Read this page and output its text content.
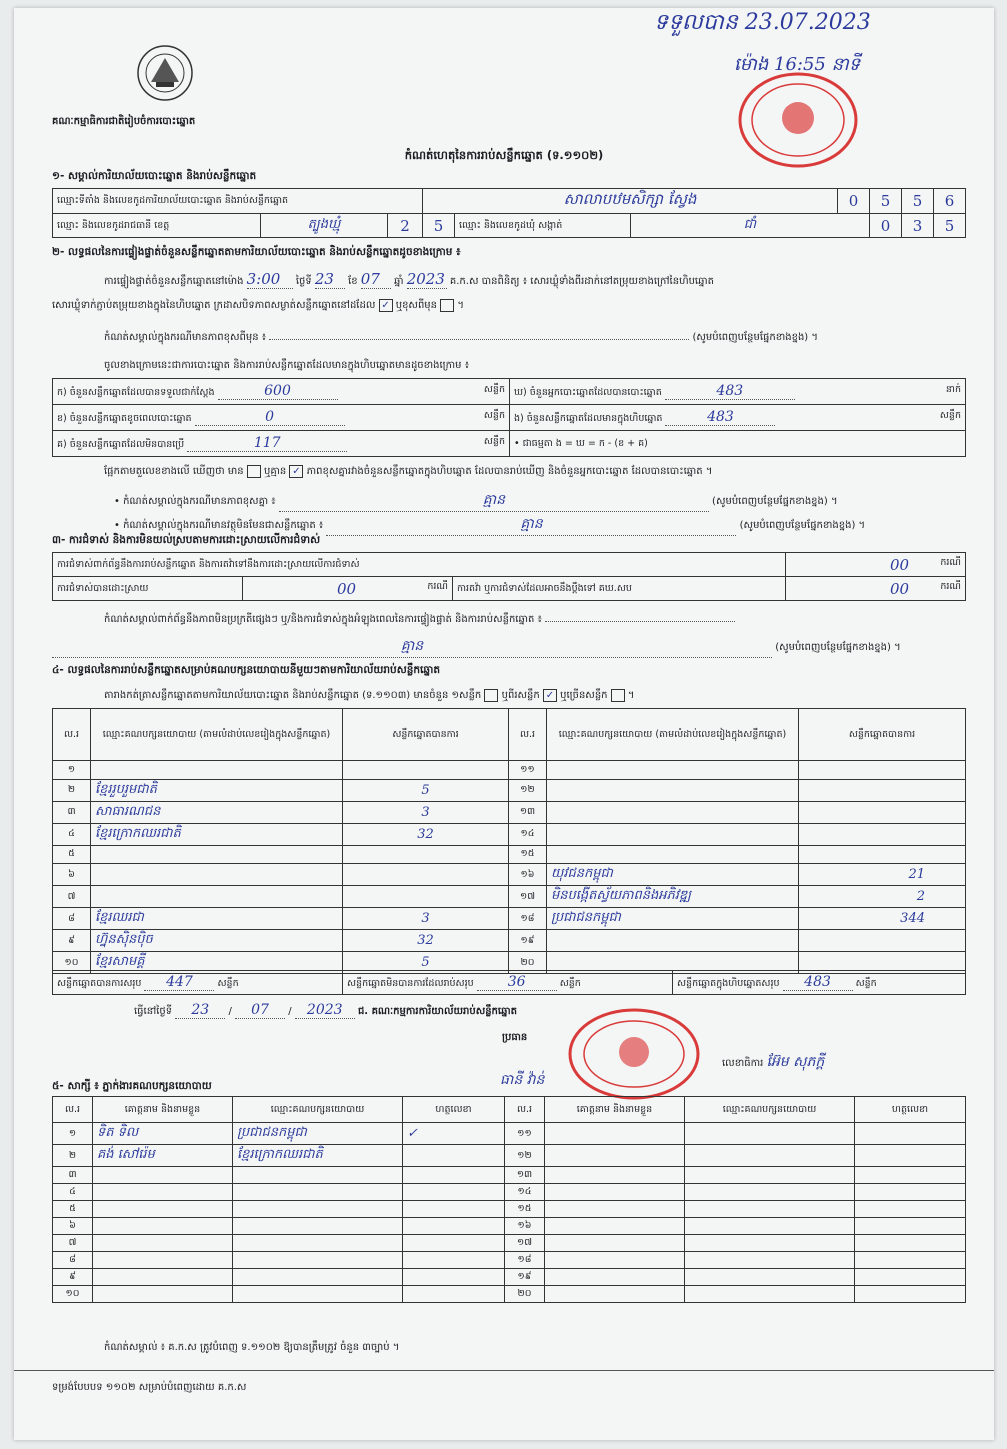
គណៈកម្មាធិការជាតិរៀបចំការបោះឆ្នោត
កំណត់ហេតុនៃការរាប់សន្លឹកឆ្នោត (ទ.១១០២)
ទទួលបាន 23.07.2023
ម៉ោង 16:55 នាទី
១- សម្គាល់ការិយាល័យបោះឆ្នោត និងរាប់សន្លឹកឆ្នោត
ឈ្មោះទីតាំង និងលេខកូដការិយាល័យបោះឆ្នោត និងរាប់សន្លឹកឆ្នោត			សាលាបឋមសិក្សា ស្វែង			0	5	5	6
ឈ្មោះ និងលេខកូដរាជធានី ខេត្ត	ត្បូងឃ្មុំ	2	5	ឈ្មោះ និងលេខកូដឃុំ សង្កាត់	ជាំ		0	3	5
២- លទ្ធផលនៃការផ្ទៀងផ្ទាត់ចំនួនសន្លឹកឆ្នោតតាមការិយាល័យបោះឆ្នោត និងរាប់សន្លឹកឆ្នោតដូចខាងក្រោម ៖
ការផ្ទៀងផ្ទាត់ចំនួនសន្លឹកឆ្នោតនៅម៉ោង 3:00 ថ្ងៃទី 23 ខែ 07 ឆ្នាំ 2023 គ.ក.ស បានពិនិត្យ ៖ សោរឃ្លុំទាំងពីរដាក់នៅតម្រុយខាងក្រៅនៃហិបឆ្នោត
សោរឃ្លុំទាក់ភ្ជាប់តម្រុយខាងក្នុងនៃហិបឆ្នោត ក្រដាសបិទភាពសម្ងាត់សន្លឹកឆ្នោតនៅដដែល ✓ ឬខុសពីមុន  ។
កំណត់សម្គាល់ក្នុងករណីមានភាពខុសពីមុន ៖	(សូមបំពេញបន្ថែមផ្នែកខាងខ្នង) ។
ចូលខាងក្រោមនេះជាការបោះឆ្នោត និងការរាប់សន្លឹកឆ្នោតដែលមានក្នុងហិបឆ្នោតមានដូចខាងក្រោម ៖
ក) ចំនួនសន្លឹកឆ្នោតដែលបានទទួលជាក់ស្តែង 600 សន្លឹក	ឃ) ចំនួនអ្នកបោះឆ្នោតដែលបានបោះឆ្នោត 483 នាក់

ខ) ចំនួនសន្លឹកឆ្នោតខូចពេលបោះឆ្នោត 0 សន្លឹក	ង) ចំនួនសន្លឹកឆ្នោតដែលមានក្នុងហិបឆ្នោត 483 សន្លឹក

គ) ចំនួនសន្លឹកឆ្នោតដែលមិនបានប្រើ 117 សន្លឹក	• ជាធម្មតា ង = ឃ = ក - (ខ + គ)
ផ្អែកតាមតួលេខខាងលើ ឃើញថា មាន ឬគ្មាន ✓ ភាពខុសគ្នារវាងចំនួនសន្លឹកឆ្នោតក្នុងហិបឆ្នោត ដែលបានរាប់ឃើញ និងចំនួនអ្នកបោះឆ្នោត ដែលបានបោះឆ្នោត ។
• កំណត់សម្គាល់ក្នុងករណីមានភាពខុសគ្នា ៖	គ្មាន	(សូមបំពេញបន្ថែមផ្នែកខាងខ្នង) ។
• កំណត់សម្គាល់ក្នុងករណីមានវត្ថុមិនមែនជាសន្លឹកឆ្នោត ៖	គ្មាន	(សូមបំពេញបន្ថែមផ្នែកខាងខ្នង) ។
៣- ការជំទាស់ និងការមិនយល់ស្របតាមការដោះស្រាយលើការជំទាស់
ការជំទាស់ពាក់ព័ន្ធនឹងការរាប់សន្លឹកឆ្នោត និងការតវ៉ាទៅនឹងការដោះស្រាយលើការជំទាស់			00 ករណី

ការជំទាស់បានដោះស្រាយ	00 ករណី	ការតវ៉ា ឬការជំទាស់ដែលអាចនឹងប្តឹងទៅ គឃ.សប	00 ករណី
កំណត់សម្គាល់ពាក់ព័ន្ធនឹងភាពមិនប្រក្រតីផ្សេងៗ ឬ/និងការជំទាស់ក្នុងអំឡុងពេលនៃការផ្ទៀងផ្ទាត់ និងការរាប់សន្លឹកឆ្នោត ៖
គ្មាន	(សូមបំពេញបន្ថែមផ្នែកខាងខ្នង) ។
៤- លទ្ធផលនៃការរាប់សន្លឹកឆ្នោតសម្រាប់គណបក្សនយោបាយនីមួយៗតាមការិយាល័យរាប់សន្លឹកឆ្នោត
តារាងកត់ត្រាសន្លឹកឆ្នោតតាមការិយាល័យបោះឆ្នោត និងរាប់សន្លឹកឆ្នោត (ទ.១១០៣) មានចំនួន ១សន្លឹក ឬពីរសន្លឹក ✓ ឬច្រើនសន្លឹក  ។
ល.រ	ឈ្មោះគណបក្សនយោបាយ (តាមលំដាប់លេខរៀងក្នុងសន្លឹកឆ្នោត)	សន្លឹកឆ្នោតបានការ	ល.រ	ឈ្មោះគណបក្សនយោបាយ (តាមលំដាប់លេខរៀងក្នុងសន្លឹកឆ្នោត)	សន្លឹកឆ្នោតបានការ
១			១១		
២	ខ្មែររួបរួមជាតិ	5	១២		
៣	សាធារណជន	3	១៣		
៤	ខ្មែរក្រោកឈរជាតិ	32	១៤		
៥			១៥		
៦			១៦	យុវជនកម្ពុជា	21
៧			១៧	មិនបង្កើតស្វ័យភាពនិងអភិវឌ្ឍ	2
៨	ខ្មែរឈរជា	3	១៨	ប្រជាជនកម្ពុជា	344
៩	ហ្វ៊ុនស៊ិនប៉ិច	32	១៩		
១០	ខ្មែរសាមគ្គី	5	២០		
សន្លឹកឆ្នោតបានការសរុប 447	សន្លឹក	សន្លឹកឆ្នោតមិនបានការដែលរាប់សរុប 36	សន្លឹក	សន្លឹកឆ្នោតក្នុងហិបឆ្នោតសរុប 483	សន្លឹក
ធ្វើនៅថ្ងៃទី 23 / 07 / 2023 ជ. គណៈកម្មការការិយាល័យរាប់សន្លឹកឆ្នោត
ប្រធាន
ធានី វ៉ាន់
លេខាធិការ អ៊ែម សុភក្តី
៥- សាក្សី ៖ ភ្នាក់ងារគណបក្សនយោបាយ
ល.រ	គោត្តនាម និងនាមខ្លួន	ឈ្មោះគណបក្សនយោបាយ	ហត្ថលេខា	ល.រ	គោត្តនាម និងនាមខ្លួន	ឈ្មោះគណបក្សនយោបាយ	ហត្ថលេខា
១	ទិត ទិល	ប្រជាជនកម្ពុជា	✓	១១			
២	គង់ សៅរ៉េម	ខ្មែរក្រោកឈរជាតិ		១២			
៣				១៣			
៤				១៤			
៥				១៥			
៦				១៦			
៧				១៧			
៨				១៨			
៩				១៩			
១០				២០			
កំណត់សម្គាល់ ៖ គ.ក.ស ត្រូវបំពេញ ទ.១១០២ ឱ្យបានត្រឹមត្រូវ ចំនួន ៣ច្បាប់ ។
ទម្រង់បែបបទ ១១០២ សម្រាប់បំពេញដោយ គ.ក.ស
